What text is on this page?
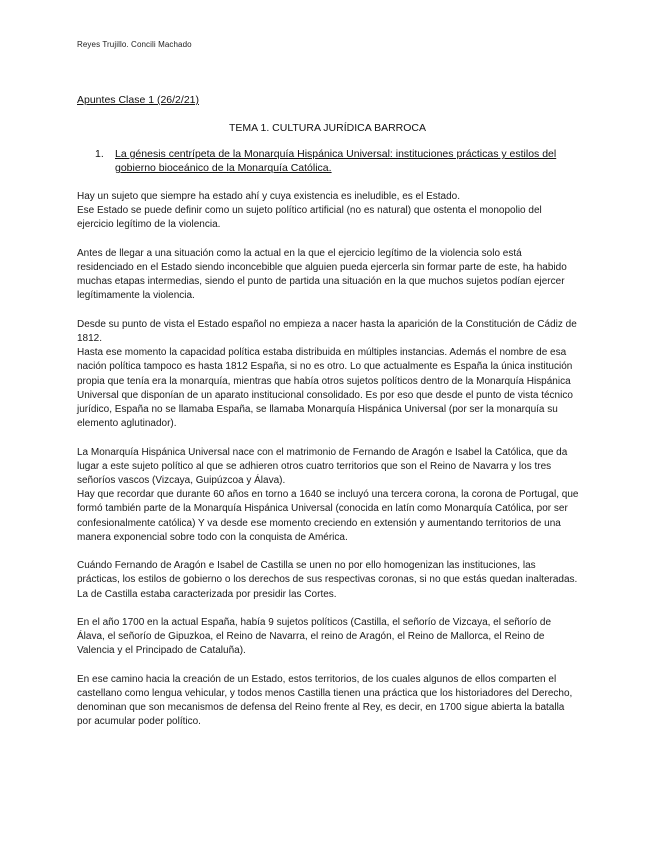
Reyes Trujillo. Concili Machado
Apuntes Clase 1 (26/2/21)
TEMA 1. CULTURA JURÍDICA BARROCA
1. La génesis centrípeta de la Monarquía Hispánica Universal: instituciones prácticas y estilos del gobierno bioceánico de la Monarquía Católica.

Hay un sujeto que siempre ha estado ahí y cuya existencia es ineludible, es el Estado.
Ese Estado se puede definir como un sujeto político artificial (no es natural) que ostenta el monopolio del ejercicio legítimo de la violencia.

Antes de llegar a una situación como la actual en la que el ejercicio legítimo de la violencia solo está residenciado en el Estado siendo inconcebible que alguien pueda ejercerla sin formar parte de este, ha habido muchas etapas intermedias, siendo el punto de partida una situación en la que muchos sujetos podían ejercer legítimamente la violencia.

Desde su punto de vista el Estado español no empieza a nacer hasta la aparición de la Constitución de Cádiz de 1812.
Hasta ese momento la capacidad política estaba distribuida en múltiples instancias. Además el nombre de esa nación política tampoco es hasta 1812 España, si no es otro. Lo que actualmente es España la única institución propia que tenía era la monarquía, mientras que había otros sujetos políticos dentro de la Monarquía Hispánica Universal que disponían de un aparato institucional consolidado. Es por eso que desde el punto de vista técnico jurídico, España no se llamaba España, se llamaba Monarquía Hispánica Universal (por ser la monarquía su elemento aglutinador).

La Monarquía Hispánica Universal nace con el matrimonio de Fernando de Aragón e Isabel la Católica, que da lugar a este sujeto político al que se adhieren otros cuatro territorios que son el Reino de Navarra y los tres señoríos vascos (Vizcaya, Guipúzcoa y Álava).
Hay que recordar que durante 60 años en torno a 1640 se incluyó una tercera corona, la corona de Portugal, que formó también parte de la Monarquía Hispánica Universal (conocida en latín como Monarquía Católica, por ser confesionalmente católica) Y va desde ese momento creciendo en extensión y aumentando territorios de una manera exponencial sobre todo con la conquista de América.

Cuándo Fernando de Aragón e Isabel de Castilla se unen no por ello homogenizan las instituciones, las prácticas, los estilos de gobierno o los derechos de sus respectivas coronas, si no que estás quedan inalteradas.
La de Castilla estaba caracterizada por presidir las Cortes.

En el año 1700 en la actual España, había 9 sujetos políticos (Castilla, el señorío de Vizcaya, el señorío de Álava, el señorío de Gipuzkoa, el Reino de Navarra, el reino de Aragón, el Reino de Mallorca, el Reino de Valencia y el Principado de Cataluña).

En ese camino hacia la creación de un Estado, estos territorios, de los cuales algunos de ellos comparten el castellano como lengua vehicular, y todos menos Castilla tienen una práctica que los historiadores del Derecho, denominan que son mecanismos de defensa del Reino frente al Rey, es decir, en 1700 sigue abierta la batalla por acumular poder político.
